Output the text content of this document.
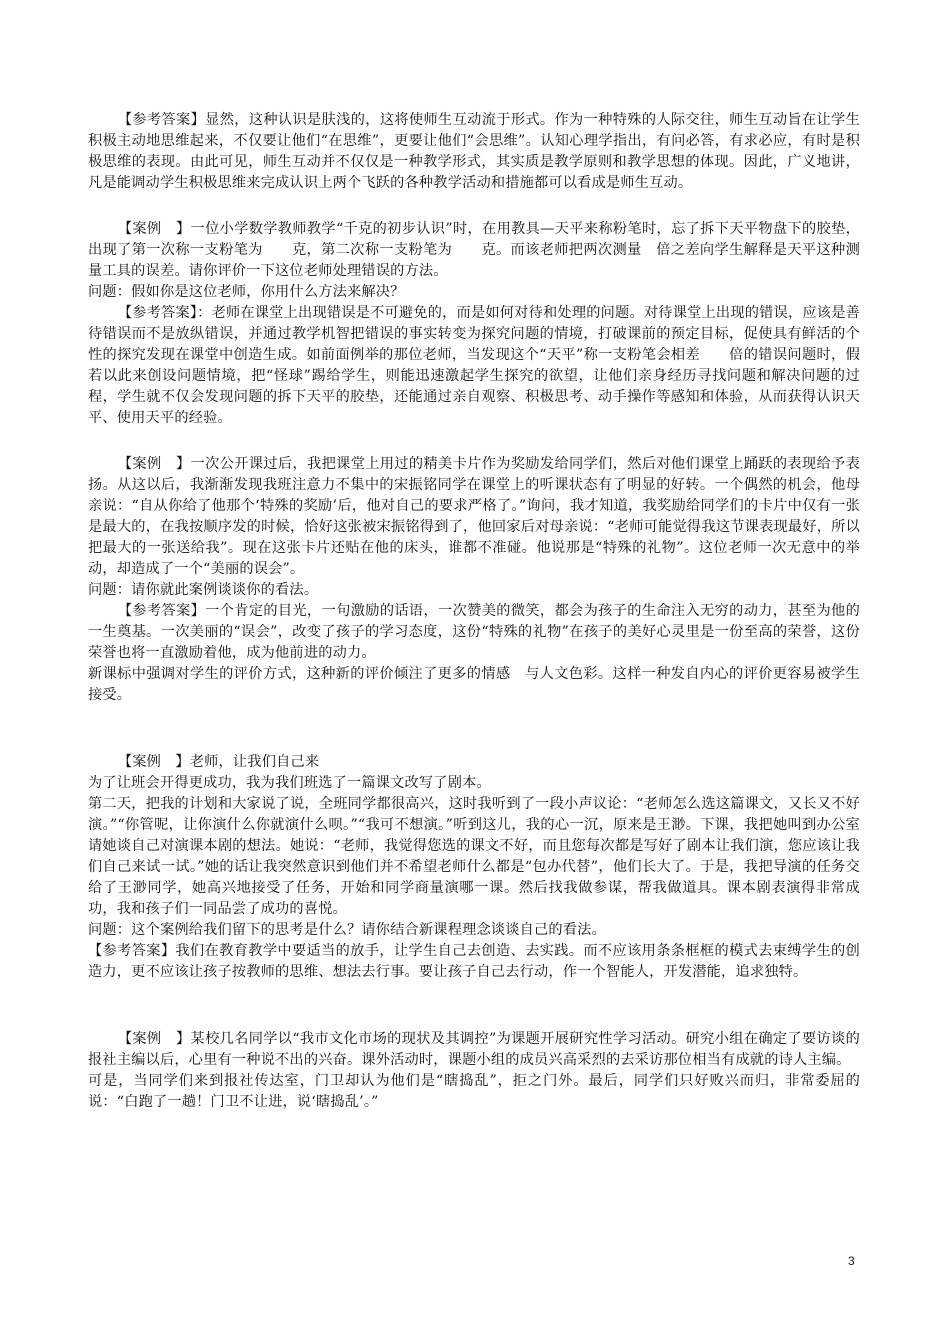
【参考答案】显然，这种认识是肤浅的，这将使师生互动流于形式。作为一种特殊的人际交往，师生互动旨在让学生积极主动地思维起来，不仅要让他们“在思维”，更要让他们“会思维”。认知心理学指出，有问必答，有求必应，有时是积极思维的表现。由此可见，师生互动并不仅仅是一种教学形式，其实质是教学原则和教学思想的体现。因此，广义地讲，凡是能调动学生积极思维来完成认识上两个飞跃的各种教学活动和措施都可以看成是师生互动。

【案例　】一位小学数学教师教学“千克的初步认识”时，在用教具—天平来称粉笔时，忘了拆下天平物盘下的胶垫，出现了第一次称一支粉笔为　　克，第二次称一支粉笔为　　克。而该老师把两次测量　倍之差向学生解释是天平这种测量工具的误差。请你评价一下这位老师处理错误的方法。

问题：假如你是这位老师，你用什么方法来解决？

【参考答案】：老师在课堂上出现错误是不可避免的，而是如何对待和处理的问题。对待课堂上出现的错误，应该是善待错误而不是放纵错误，并通过教学机智把错误的事实转变为探究问题的情境，打破课前的预定目标，促使具有鲜活的个性的探究发现在课堂中创造生成。如前面例举的那位老师，当发现这个“天平”称一支粉笔会相差　　倍的错误问题时，假若以此来创设问题情境，把“怪球”踢给学生，则能迅速激起学生探究的欲望，让他们亲身经历寻找问题和解决问题的过程，学生就不仅会发现问题的拆下天平的胶垫，还能通过亲自观察、积极思考、动手操作等感知和体验，从而获得认识天平、使用天平的经验。

【案例　】一次公开课过后，我把课堂上用过的精美卡片作为奖励发给同学们，然后对他们课堂上踊跃的表现给予表扬。从这以后，我渐渐发现我班注意力不集中的宋振铭同学在课堂上的听课状态有了明显的好转。一个偶然的机会，他母亲说：“自从你给了他那个‘特殊的奖励’后，他对自己的要求严格了。”询问，我才知道，我奖励给同学们的卡片中仅有一张是最大的，在我按顺序发的时候，恰好这张被宋振铭得到了，他回家后对母亲说：“老师可能觉得我这节课表现最好，所以把最大的一张送给我”。现在这张卡片还贴在他的床头，谁都不准碰。他说那是“特殊的礼物”。这位老师一次无意中的举动，却造成了一个“美丽的误会”。

问题：请你就此案例谈谈你的看法。

【参考答案】一个肯定的目光，一句激励的话语，一次赞美的微笑，都会为孩子的生命注入无穷的动力，甚至为他的一生奠基。一次美丽的“误会”，改变了孩子的学习态度，这份“特殊的礼物”在孩子的美好心灵里是一份至高的荣誉，这份荣誉也将一直激励着他，成为他前进的动力。

新课标中强调对学生的评价方式，这种新的评价倾注了更多的情感　与人文色彩。这样一种发自内心的评价更容易被学生接受。

【案例　】老师，让我们自己来

为了让班会开得更成功，我为我们班选了一篇课文改写了剧本。

第二天，把我的计划和大家说了说，全班同学都很高兴，这时我听到了一段小声议论：“老师怎么选这篇课文，又长又不好演。”“你管呢，让你演什么你就演什么呗。”“我可不想演。”听到这儿，我的心一沉，原来是王渺。下课，我把她叫到办公室请她谈自己对演课本剧的想法。她说：“老师，我觉得您选的课文不好，而且您每次都是写好了剧本让我们演，您应该让我们自己来试一试。”她的话让我突然意识到他们并不希望老师什么都是“包办代替”，他们长大了。于是，我把导演的任务交给了王渺同学，她高兴地接受了任务，开始和同学商量演哪一课。然后找我做参谋，帮我做道具。课本剧表演得非常成功，我和孩子们一同品尝了成功的喜悦。

问题：这个案例给我们留下的思考是什么？请你结合新课程理念谈谈自己的看法。

【参考答案】我们在教育教学中要适当的放手，让学生自己去创造、去实践。而不应该用条条框框的模式去束缚学生的创造力，更不应该让孩子按教师的思维、想法去行事。要让孩子自己去行动，作一个智能人，开发潜能，追求独特。

【案例　】某校几名同学以“我市文化市场的现状及其调控”为课题开展研究性学习活动。研究小组在确定了要访谈的报社主编以后，心里有一种说不出的兴奋。课外活动时，课题小组的成员兴高采烈的去采访那位相当有成就的诗人主编。

可是，当同学们来到报社传达室，门卫却认为他们是“瞎捣乱”，拒之门外。最后，同学们只好败兴而归，非常委屈的说：“白跑了一趟！门卫不让进，说‘瞎捣乱’。”

3
